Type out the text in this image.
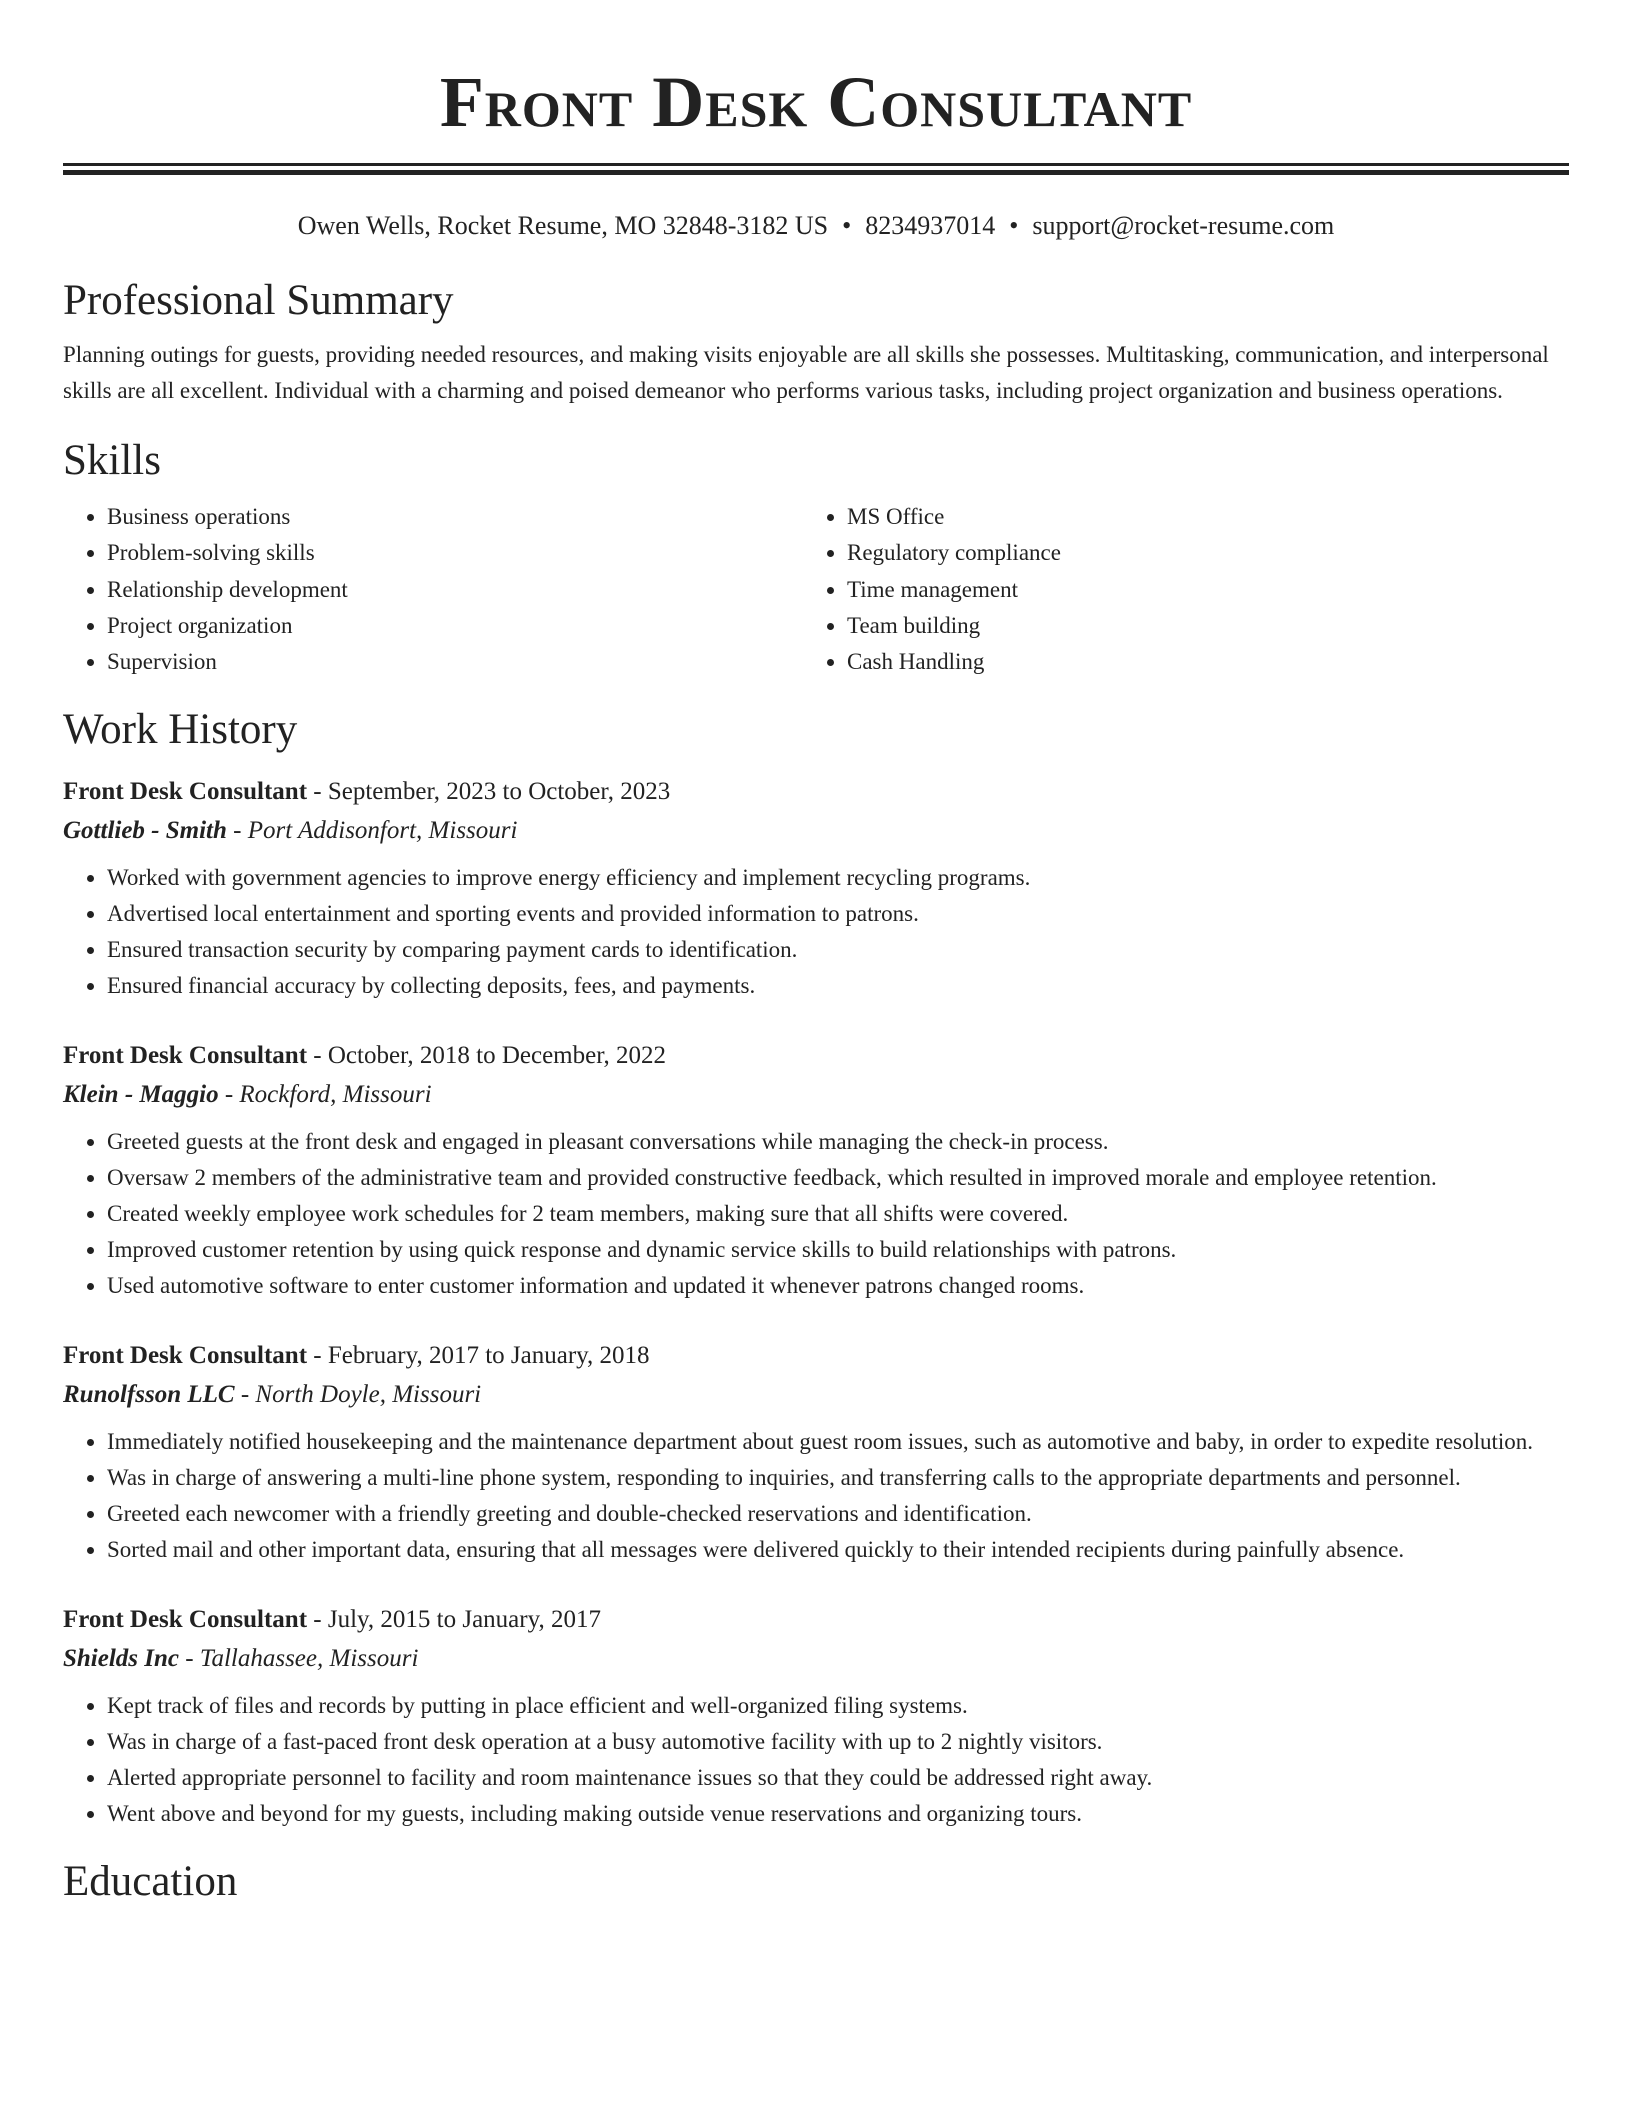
Front Desk Consultant
Owen Wells, Rocket Resume, MO 32848-3182 US • 8234937014 • support@rocket-resume.com
Professional Summary

Planning outings for guests, providing needed resources, and making visits enjoyable are all skills she possesses. Multitasking, communication, and interpersonal skills are all excellent. Individual with a charming and poised demeanor who performs various tasks, including project organization and business operations.

Skills
• Business operations
• Problem-solving skills
• Relationship development
• Project organization
• Supervision
• MS Office
• Regulatory compliance
• Time management
• Team building
• Cash Handling
Work History
Front Desk Consultant - September, 2023 to October, 2023
Gottlieb - Smith - Port Addisonfort, Missouri
• Worked with government agencies to improve energy efficiency and implement recycling programs.
• Advertised local entertainment and sporting events and provided information to patrons.
• Ensured transaction security by comparing payment cards to identification.
• Ensured financial accuracy by collecting deposits, fees, and payments.
Front Desk Consultant - October, 2018 to December, 2022
Klein - Maggio - Rockford, Missouri
• Greeted guests at the front desk and engaged in pleasant conversations while managing the check-in process.
• Oversaw 2 members of the administrative team and provided constructive feedback, which resulted in improved morale and employee retention.
• Created weekly employee work schedules for 2 team members, making sure that all shifts were covered.
• Improved customer retention by using quick response and dynamic service skills to build relationships with patrons.
• Used automotive software to enter customer information and updated it whenever patrons changed rooms.
Front Desk Consultant - February, 2017 to January, 2018
Runolfsson LLC - North Doyle, Missouri
• Immediately notified housekeeping and the maintenance department about guest room issues, such as automotive and baby, in order to expedite resolution.
• Was in charge of answering a multi-line phone system, responding to inquiries, and transferring calls to the appropriate departments and personnel.
• Greeted each newcomer with a friendly greeting and double-checked reservations and identification.
• Sorted mail and other important data, ensuring that all messages were delivered quickly to their intended recipients during painfully absence.
Front Desk Consultant - July, 2015 to January, 2017
Shields Inc - Tallahassee, Missouri
• Kept track of files and records by putting in place efficient and well-organized filing systems.
• Was in charge of a fast-paced front desk operation at a busy automotive facility with up to 2 nightly visitors.
• Alerted appropriate personnel to facility and room maintenance issues so that they could be addressed right away.
• Went above and beyond for my guests, including making outside venue reservations and organizing tours.
Education
